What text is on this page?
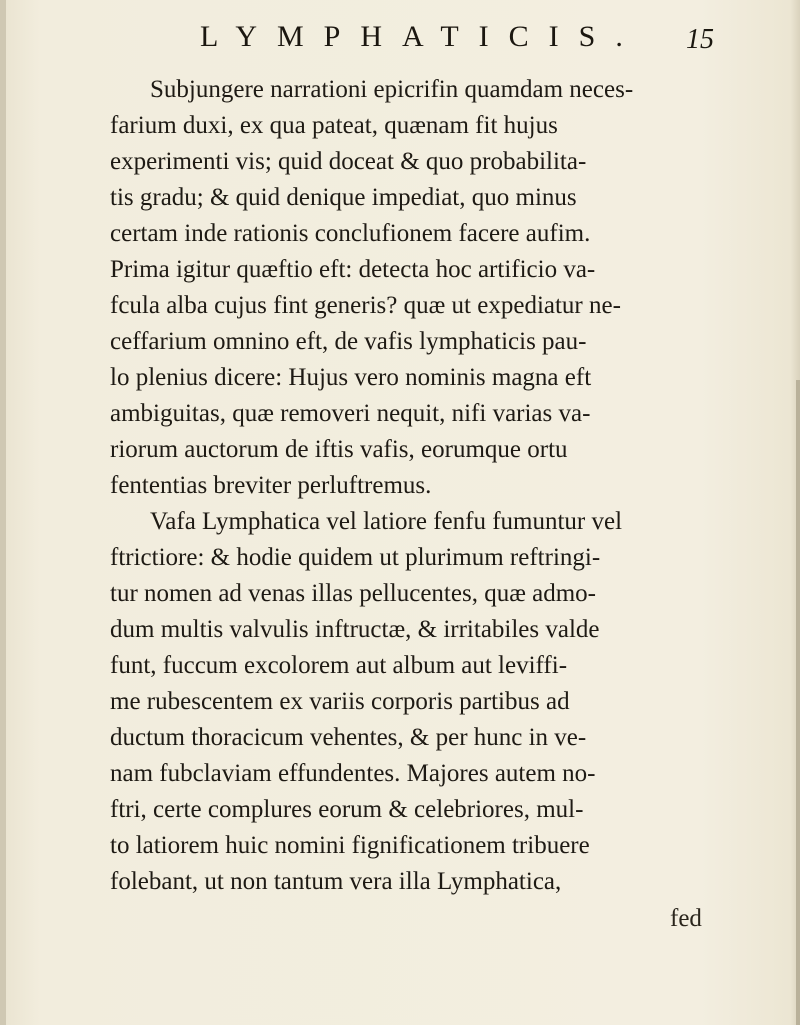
LYMPHATICIS.	15
Subjungere narrationi epicrifin quamdam neces-
farium duxi, ex qua pateat, quænam fit hujus
experimenti vis; quid doceat & quo probabilita-
tis gradu; & quid denique impediat, quo minus
certam inde rationis conclufionem facere aufim.
Prima igitur quæftio eft: detecta hoc artificio va-
fcula alba cujus fint generis? quæ ut expediatur ne-
ceffarium omnino eft, de vafis lymphaticis pau-
lo plenius dicere: Hujus vero nominis magna eft
ambiguitas, quæ removeri nequit, nifi varias va-
riorum auctorum de iftis vafis, eorumque ortu
fententias breviter perluftremus.
Vafa Lymphatica vel latiore fenfu fumuntur vel
ftrictiore: & hodie quidem ut plurimum reftringi-
tur nomen ad venas illas pellucentes, quæ admo-
dum multis valvulis inftructæ, & irritabiles valde
funt, fuccum excolorem aut album aut leviffi-
me rubescentem ex variis corporis partibus ad
ductum thoracicum vehentes, & per hunc in ve-
nam fubclaviam effundentes. Majores autem no-
ftri, certe complures eorum & celebriores, mul-
to latiorem huic nomini fignificationem tribuere
folebant, ut non tantum vera illa Lymphatica,
fed
